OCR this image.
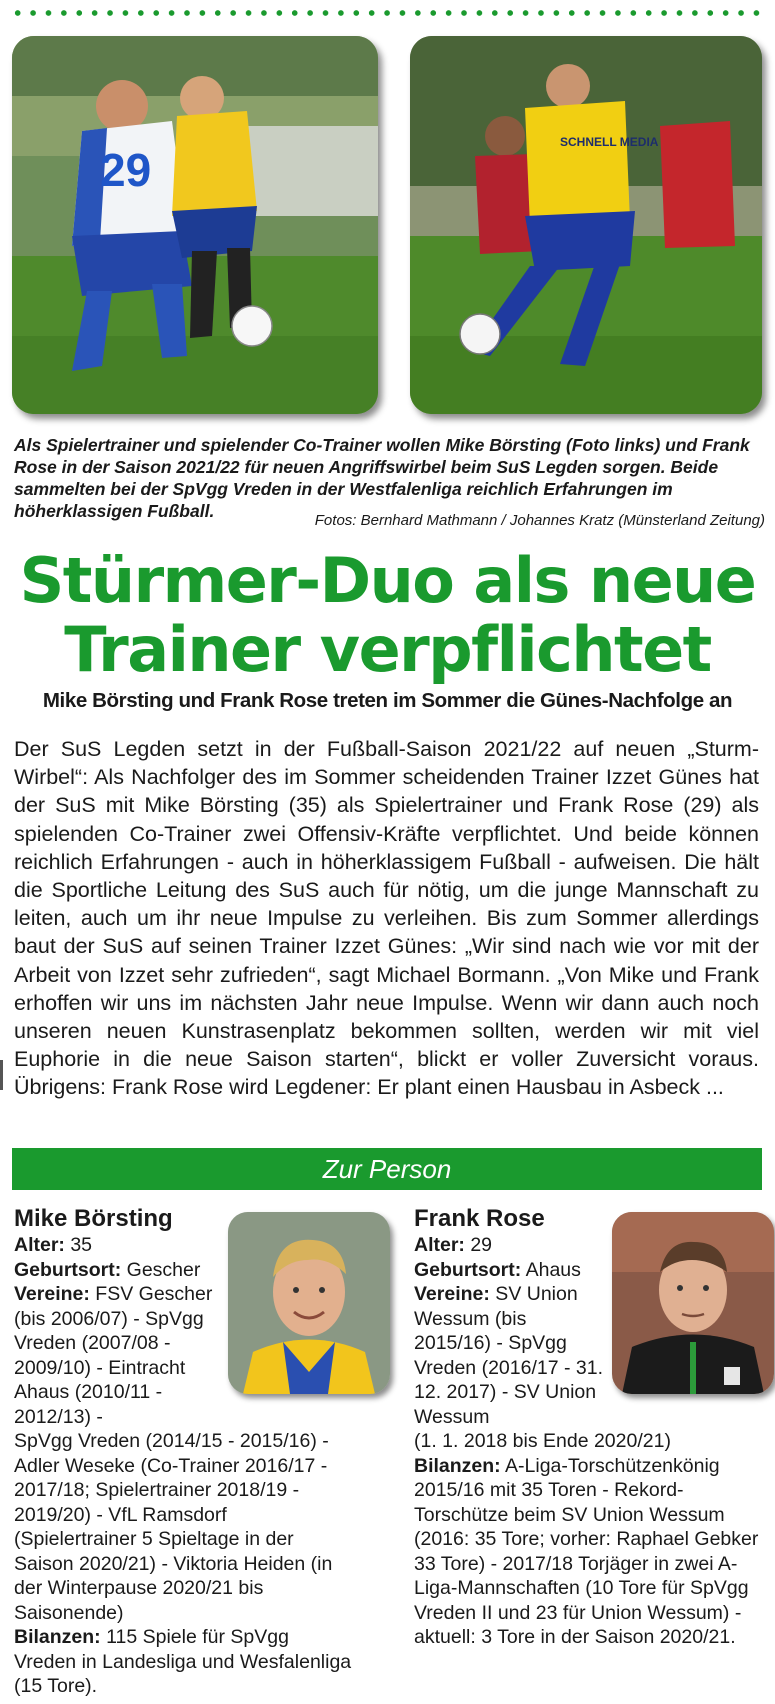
29
SCHNELL MEDIA
Als Spielertrainer und spielender Co-Trainer wollen Mike Börsting (Foto links) und Frank Rose in der Saison 2021/22 für neuen Angriffswirbel beim SuS Legden sorgen. Beide sammelten bei der SpVgg Vreden in der Westfalenliga reichlich Erfahrungen im höherklassigen Fußball.	Fotos: Bernhard Mathmann / Johannes Kratz (Münsterland Zeitung)
Stürmer-Duo als neue
Trainer verpflichtet
Mike Börsting und Frank Rose treten im Sommer die Günes-Nachfolge an
Der SuS Legden setzt in der Fußball-Saison 2021/22 auf neuen „Sturm-Wirbel“: Als Nachfolger des im Sommer scheidenden Trainer Izzet Günes hat der SuS mit Mike Börsting (35) als Spielertrainer und Frank Rose (29) als spielenden Co-Trainer zwei Offensiv-Kräfte verpflichtet. Und beide können reichlich Erfahrungen - auch in höherklassigem Fußball - aufweisen. Die hält die Sportliche Leitung des SuS auch für nötig, um die junge Mannschaft zu leiten, auch um ihr neue Impulse zu verleihen. Bis zum Sommer allerdings baut der SuS auf seinen Trainer Izzet Günes: „Wir sind nach wie vor mit der Arbeit von Izzet sehr zufrieden“, sagt Michael Bormann. „Von Mike und Frank erhoffen wir uns im nächsten Jahr neue Impulse. Wenn wir dann auch noch unseren neuen Kunstrasenplatz bekommen sollten, werden wir mit viel Euphorie in die neue Saison starten“, blickt er voller Zuversicht voraus. Übrigens: Frank Rose wird Legdener: Er plant einen Hausbau in Asbeck ...
Zur Person
Mike Börsting
Alter: 35
Geburtsort: Gescher
Vereine: FSV Gescher (bis 2006/07) - SpVgg Vreden (2007/08 - 2009/10) - Eintracht Ahaus (2010/11 - 2012/13) -
SpVgg Vreden (2014/15 - 2015/16) - Adler Weseke (Co-Trainer 2016/17 - 2017/18; Spielertrainer 2018/19 - 2019/20) - VfL Ramsdorf (Spielertrainer 5 Spieltage in der Saison 2020/21) - Viktoria Heiden (in der Winterpause 2020/21 bis Saisonende)
Bilanzen: 115 Spiele für SpVgg Vreden in Landesliga und Wesfalenliga (15 Tore).
Frank Rose
Alter: 29
Geburtsort: Ahaus
Vereine: SV Union Wessum (bis 2015/16) - SpVgg Vreden (2016/17 - 31. 12. 2017) - SV Union Wessum
(1. 1. 2018 bis Ende 2020/21)
Bilanzen: A-Liga-Torschützenkönig 2015/16 mit 35 Toren - Rekord-Torschütze beim SV Union Wessum (2016: 35 Tore; vorher: Raphael Gebker 33 Tore) - 2017/18 Torjäger in zwei A-Liga-Mannschaften (10 Tore für SpVgg Vreden II und 23 für Union Wessum) - aktuell: 3 Tore in der Saison 2020/21.
